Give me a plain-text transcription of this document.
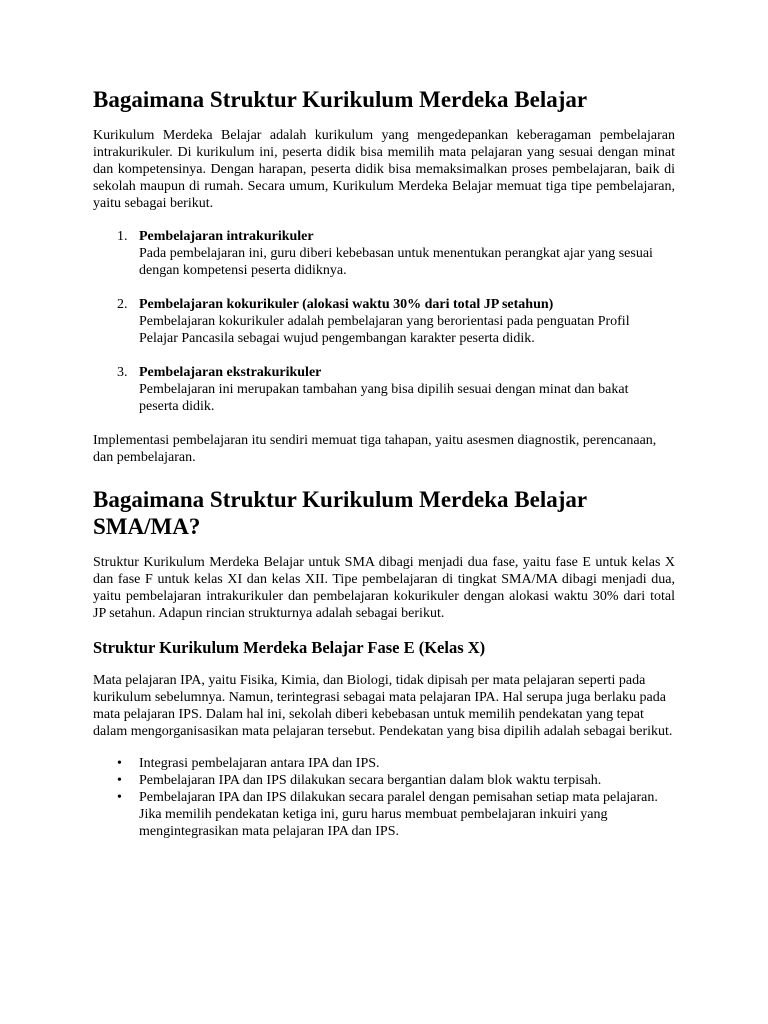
Bagaimana Struktur Kurikulum Merdeka Belajar

Kurikulum Merdeka Belajar adalah kurikulum yang mengedepankan keberagaman pembelajaran intrakurikuler. Di kurikulum ini, peserta didik bisa memilih mata pelajaran yang sesuai dengan minat dan kompetensinya. Dengan harapan, peserta didik bisa memaksimalkan proses pembelajaran, baik di sekolah maupun di rumah. Secara umum, Kurikulum Merdeka Belajar memuat tiga tipe pembelajaran, yaitu sebagai berikut.

1. Pembelajaran intrakurikuler
Pada pembelajaran ini, guru diberi kebebasan untuk menentukan perangkat ajar yang sesuai dengan kompetensi peserta didiknya.
2. Pembelajaran kokurikuler (alokasi waktu 30% dari total JP setahun)
Pembelajaran kokurikuler adalah pembelajaran yang berorientasi pada penguatan Profil Pelajar Pancasila sebagai wujud pengembangan karakter peserta didik.
3. Pembelajaran ekstrakurikuler
Pembelajaran ini merupakan tambahan yang bisa dipilih sesuai dengan minat dan bakat peserta didik.

Implementasi pembelajaran itu sendiri memuat tiga tahapan, yaitu asesmen diagnostik, perencanaan, dan pembelajaran.

Bagaimana Struktur Kurikulum Merdeka Belajar SMA/MA?

Struktur Kurikulum Merdeka Belajar untuk SMA dibagi menjadi dua fase, yaitu fase E untuk kelas X dan fase F untuk kelas XI dan kelas XII. Tipe pembelajaran di tingkat SMA/MA dibagi menjadi dua, yaitu pembelajaran intrakurikuler dan pembelajaran kokurikuler dengan alokasi waktu 30% dari total JP setahun. Adapun rincian strukturnya adalah sebagai berikut.

Struktur Kurikulum Merdeka Belajar Fase E (Kelas X)

Mata pelajaran IPA, yaitu Fisika, Kimia, dan Biologi, tidak dipisah per mata pelajaran seperti pada kurikulum sebelumnya. Namun, terintegrasi sebagai mata pelajaran IPA. Hal serupa juga berlaku pada mata pelajaran IPS. Dalam hal ini, sekolah diberi kebebasan untuk memilih pendekatan yang tepat dalam mengorganisasikan mata pelajaran tersebut. Pendekatan yang bisa dipilih adalah sebagai berikut.

•	Integrasi pembelajaran antara IPA dan IPS.
•	Pembelajaran IPA dan IPS dilakukan secara bergantian dalam blok waktu terpisah.
•	Pembelajaran IPA dan IPS dilakukan secara paralel dengan pemisahan setiap mata pelajaran. Jika memilih pendekatan ketiga ini, guru harus membuat pembelajaran inkuiri yang mengintegrasikan mata pelajaran IPA dan IPS.
